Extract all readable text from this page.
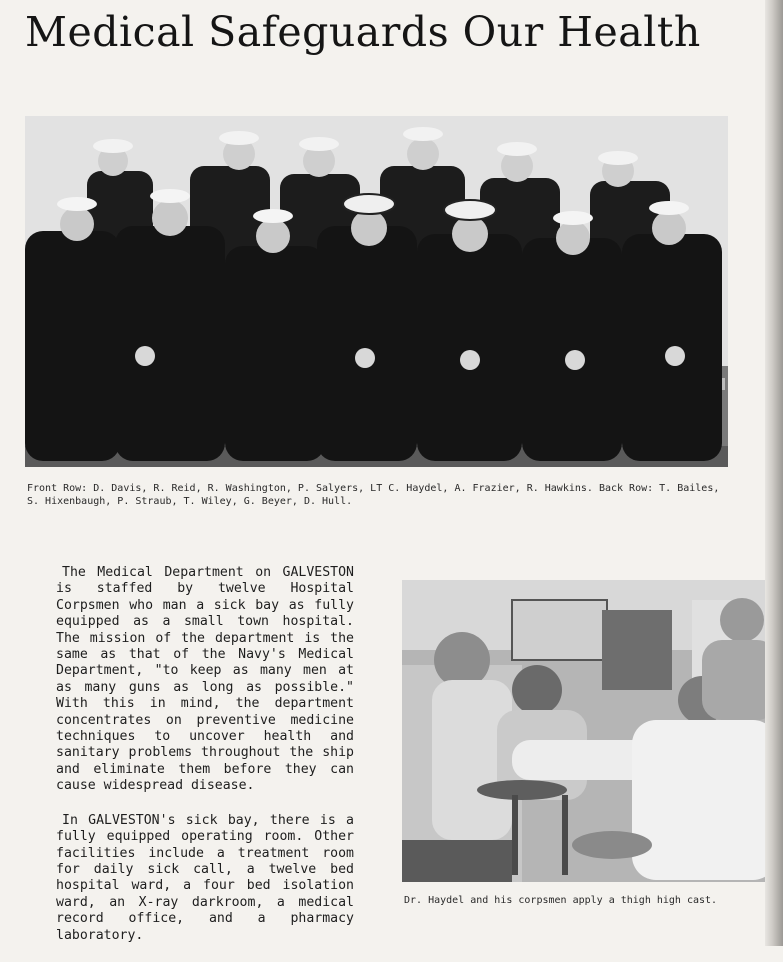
Medical Safeguards Our Health
Front Row: D. Davis, R. Reid, R. Washington, P. Salyers, LT C. Haydel, A. Frazier, R. Hawkins. Back Row: T. Bailes, S. Hixenbaugh, P. Straub, T. Wiley, G. Beyer, D. Hull.

The Medical Department on GALVESTON is staffed by twelve Hospital Corpsmen who man a sick bay as fully equipped as a small town hospital. The mission of the department is the same as that of the Navy's Medical Department, "to keep as many men at as many guns as long as possible." With this in mind, the department concentrates on preventive medicine techniques to uncover health and sanitary problems throughout the ship and eliminate them before they can cause widespread disease.

In GALVESTON's sick bay, there is a fully equipped operating room. Other facilities include a treatment room for daily sick call, a twelve bed hospital ward, a four bed isolation ward, an X-ray darkroom, a medical record office, and a pharmacy laboratory.

Dr. Haydel and his corpsmen apply a thigh high cast.
